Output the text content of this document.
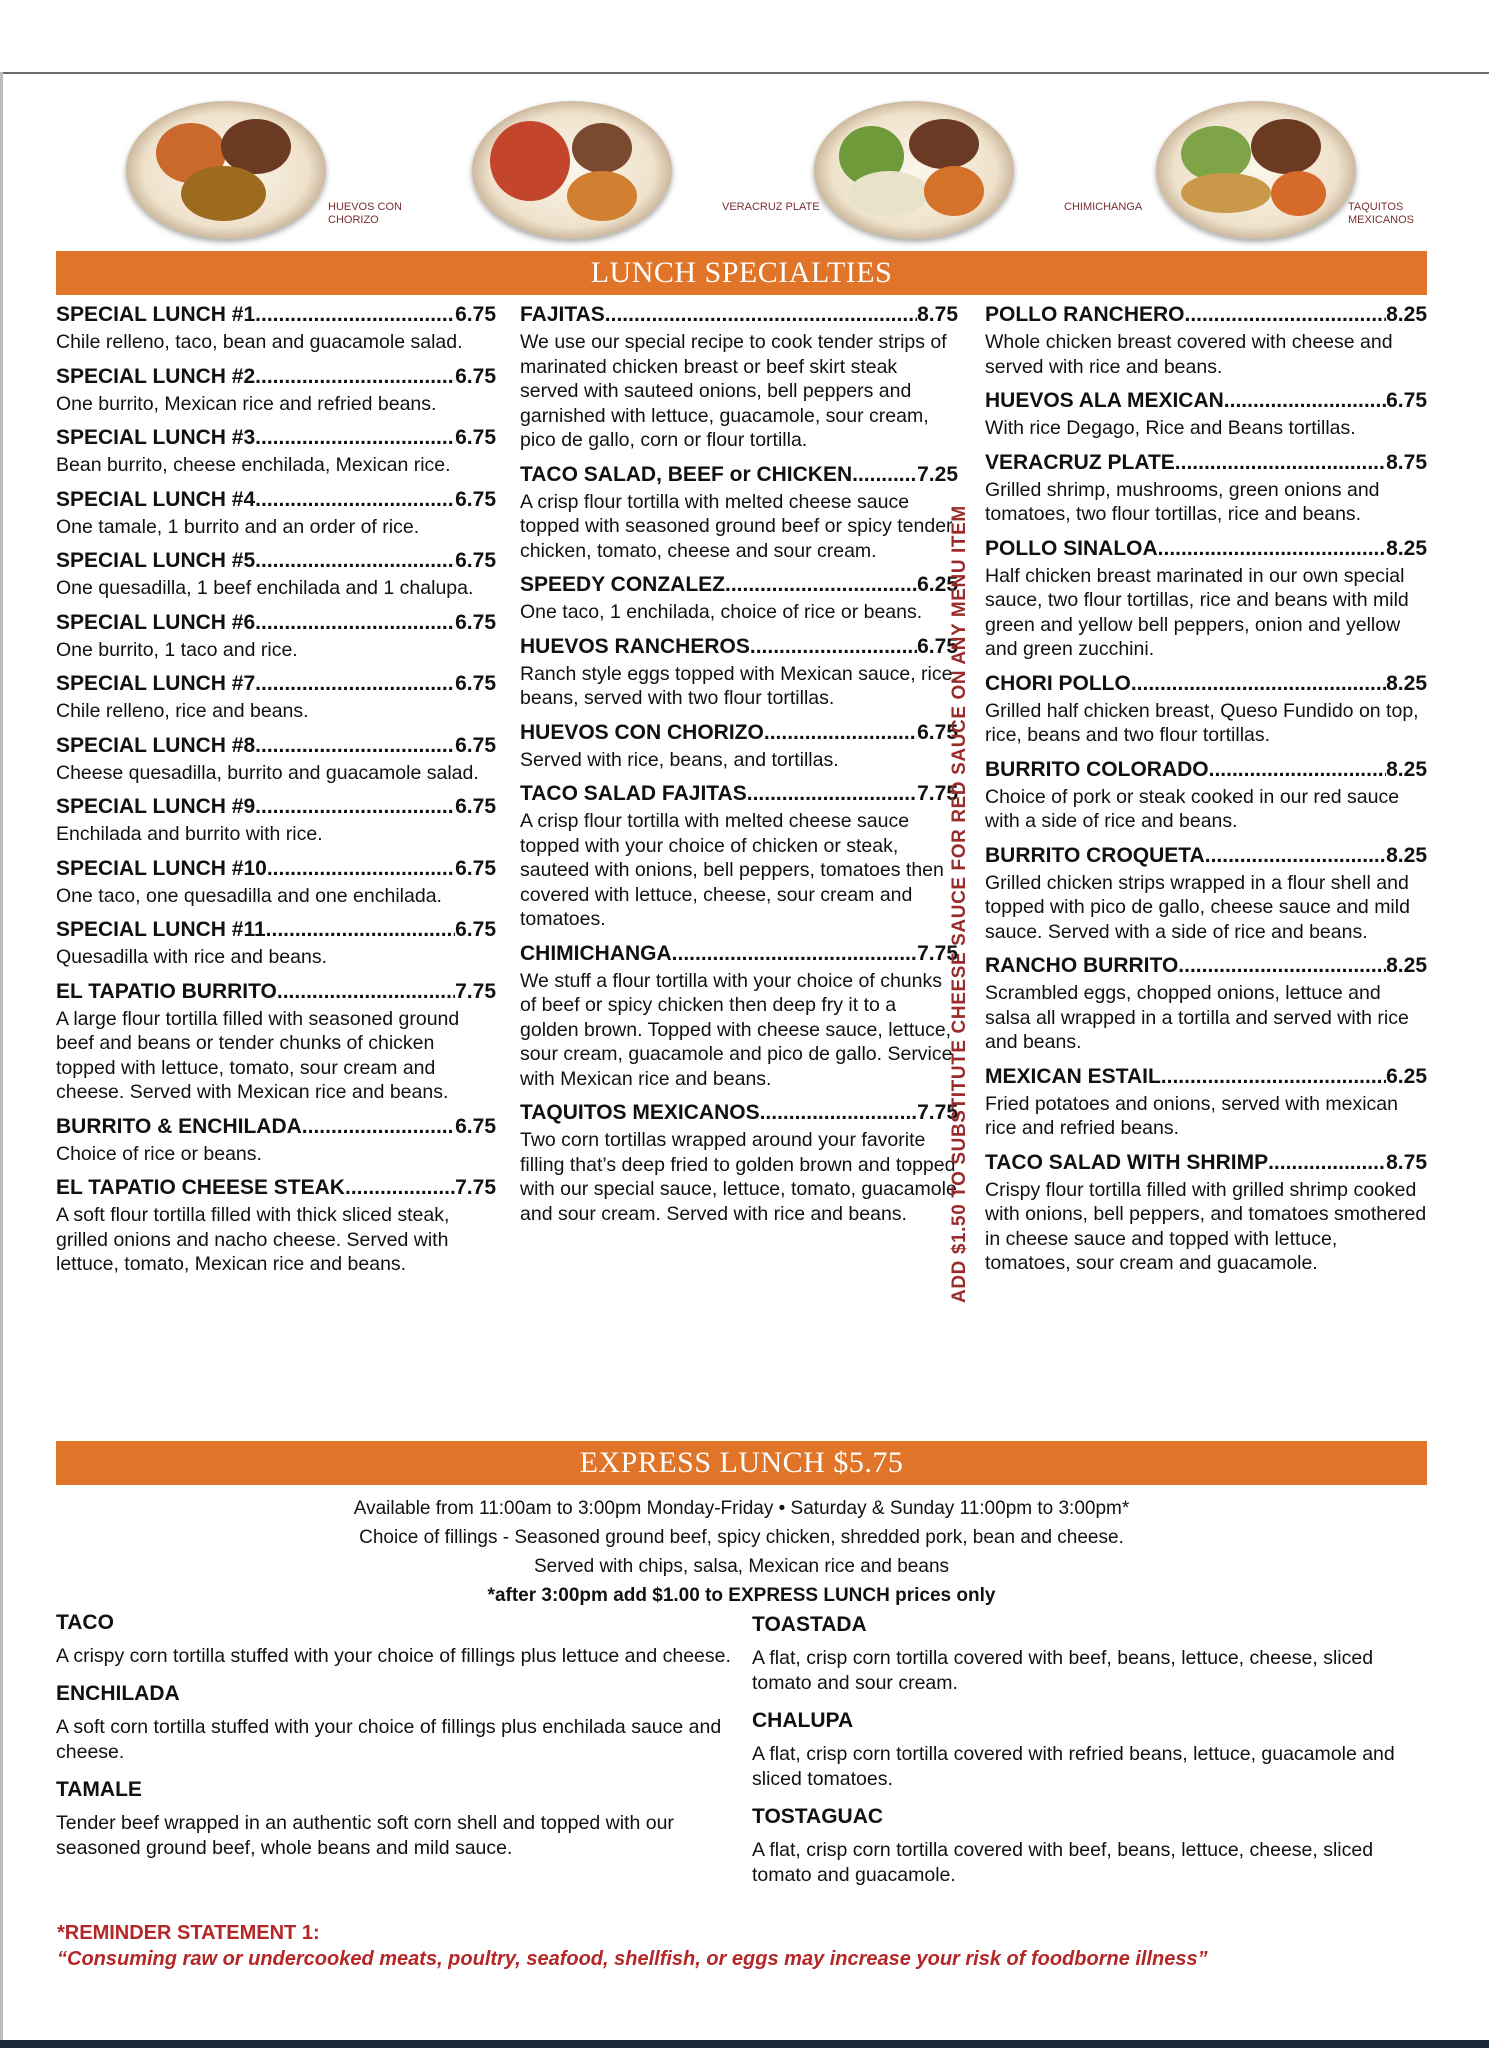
HUEVOS CON CHORIZO
VERACRUZ PLATE	CHIMICHANGA	TAQUITOS MEXICANOS
LUNCH SPECIALTIES
SPECIAL LUNCH #1 .....	6.75
Chile relleno, taco, bean and guacamole salad.
SPECIAL LUNCH #2 .....	6.75
One burrito, Mexican rice and refried beans.
SPECIAL LUNCH #3 .....	6.75
Bean burrito, cheese enchilada, Mexican rice.
SPECIAL LUNCH #4 .....	6.75
One tamale, 1 burrito and an order of rice.
SPECIAL LUNCH #5 .....	6.75
One quesadilla, 1 beef enchilada and 1 chalupa.
SPECIAL LUNCH #6 .....	6.75
One burrito, 1 taco and rice.
SPECIAL LUNCH #7 .....	6.75
Chile relleno, rice and beans.
SPECIAL LUNCH #8 .....	6.75
Cheese quesadilla, burrito and guacamole salad.
SPECIAL LUNCH #9 .....	6.75
Enchilada and burrito with rice.
SPECIAL LUNCH #10 .....	6.75
One taco, one quesadilla and one enchilada.
SPECIAL LUNCH #11 .....	6.75
Quesadilla with rice and beans.
EL TAPATIO BURRITO .....	7.75
A large flour tortilla filled with seasoned ground beef and beans or tender chunks of chicken topped with lettuce, tomato, sour cream and cheese. Served with Mexican rice and beans.
BURRITO & ENCHILADA .....	6.75
Choice of rice or beans.
EL TAPATIO CHEESE STEAK .....	7.75
A soft flour tortilla filled with thick sliced steak, grilled onions and nacho cheese. Served with lettuce, tomato, Mexican rice and beans.
FAJITAS .....	8.75
We use our special recipe to cook tender strips of marinated chicken breast or beef skirt steak served with sauteed onions, bell peppers and garnished with lettuce, guacamole, sour cream, pico de gallo, corn or flour tortilla.
TACO SALAD, BEEF or CHICKEN .....	7.25
A crisp flour tortilla with melted cheese sauce topped with seasoned ground beef or spicy tender chicken, tomato, cheese and sour cream.
SPEEDY CONZALEZ .....	6.25
One taco, 1 enchilada, choice of rice or beans.
HUEVOS RANCHEROS .....	6.75
Ranch style eggs topped with Mexican sauce, rice, beans, served with two flour tortillas.
HUEVOS CON CHORIZO .....	6.75
Served with rice, beans, and tortillas.
TACO SALAD FAJITAS .....	7.75
A crisp flour tortilla with melted cheese sauce topped with your choice of chicken or steak, sauteed with onions, bell peppers, tomatoes then covered with lettuce, cheese, sour cream and tomatoes.
CHIMICHANGA .....	7.75
We stuff a flour tortilla with your choice of chunks of beef or spicy chicken then deep fry it to a golden brown. Topped with cheese sauce, lettuce, sour cream, guacamole and pico de gallo. Service with Mexican rice and beans.
TAQUITOS MEXICANOS .....	7.75
Two corn tortillas wrapped around your favorite filling that’s deep fried to golden brown and topped with our special sauce, lettuce, tomato, guacamole and sour cream. Served with rice and beans.
POLLO RANCHERO .....	8.25
Whole chicken breast covered with cheese and served with rice and beans.
HUEVOS ALA MEXICAN .....	6.75
With rice Degago, Rice and Beans tortillas.
VERACRUZ PLATE .....	8.75
Grilled shrimp, mushrooms, green onions and tomatoes, two flour tortillas, rice and beans.
POLLO SINALOA .....	8.25
Half chicken breast marinated in our own special sauce, two flour tortillas, rice and beans with mild green and yellow bell peppers, onion and yellow and green zucchini.
CHORI POLLO .....	8.25
Grilled half chicken breast, Queso Fundido on top, rice, beans and two flour tortillas.
BURRITO COLORADO .....	8.25
Choice of pork or steak cooked in our red sauce with a side of rice and beans.
BURRITO CROQUETA .....	8.25
Grilled chicken strips wrapped in a flour shell and topped with pico de gallo, cheese sauce and mild sauce. Served with a side of rice and beans.
RANCHO BURRITO .....	8.25
Scrambled eggs, chopped onions, lettuce and salsa all wrapped in a tortilla and served with rice and beans.
MEXICAN ESTAIL .....	6.25
Fried potatoes and onions, served with mexican rice and refried beans.
TACO SALAD WITH SHRIMP .....	8.75
Crispy flour tortilla filled with grilled shrimp cooked with onions, bell peppers, and tomatoes smothered in cheese sauce and topped with lettuce, tomatoes, sour cream and guacamole.
ADD $1.50 TO SUBSTITUTE CHEESE SAUCE FOR RED SAUCE ON ANY MENU ITEM
EXPRESS LUNCH $5.75
Available from 11:00am to 3:00pm Monday-Friday • Saturday & Sunday 11:00pm to 3:00pm*
Choice of fillings - Seasoned ground beef, spicy chicken, shredded pork, bean and cheese.
Served with chips, salsa, Mexican rice and beans
*after 3:00pm add $1.00 to EXPRESS LUNCH prices only
TACO
A crispy corn tortilla stuffed with your choice of fillings plus lettuce and cheese.
ENCHILADA
A soft corn tortilla stuffed with your choice of fillings plus enchilada sauce and cheese.
TAMALE
Tender beef wrapped in an authentic soft corn shell and topped with our seasoned ground beef, whole beans and mild sauce.
TOASTADA
A flat, crisp corn tortilla covered with beef, beans, lettuce, cheese, sliced tomato and sour cream.
CHALUPA
A flat, crisp corn tortilla covered with refried beans, lettuce, guacamole and sliced tomatoes.
TOSTAGUAC
A flat, crisp corn tortilla covered with beef, beans, lettuce, cheese, sliced tomato and guacamole.
*REMINDER STATEMENT 1:
“Consuming raw or undercooked meats, poultry, seafood, shellfish, or eggs may increase your risk of foodborne illness”
